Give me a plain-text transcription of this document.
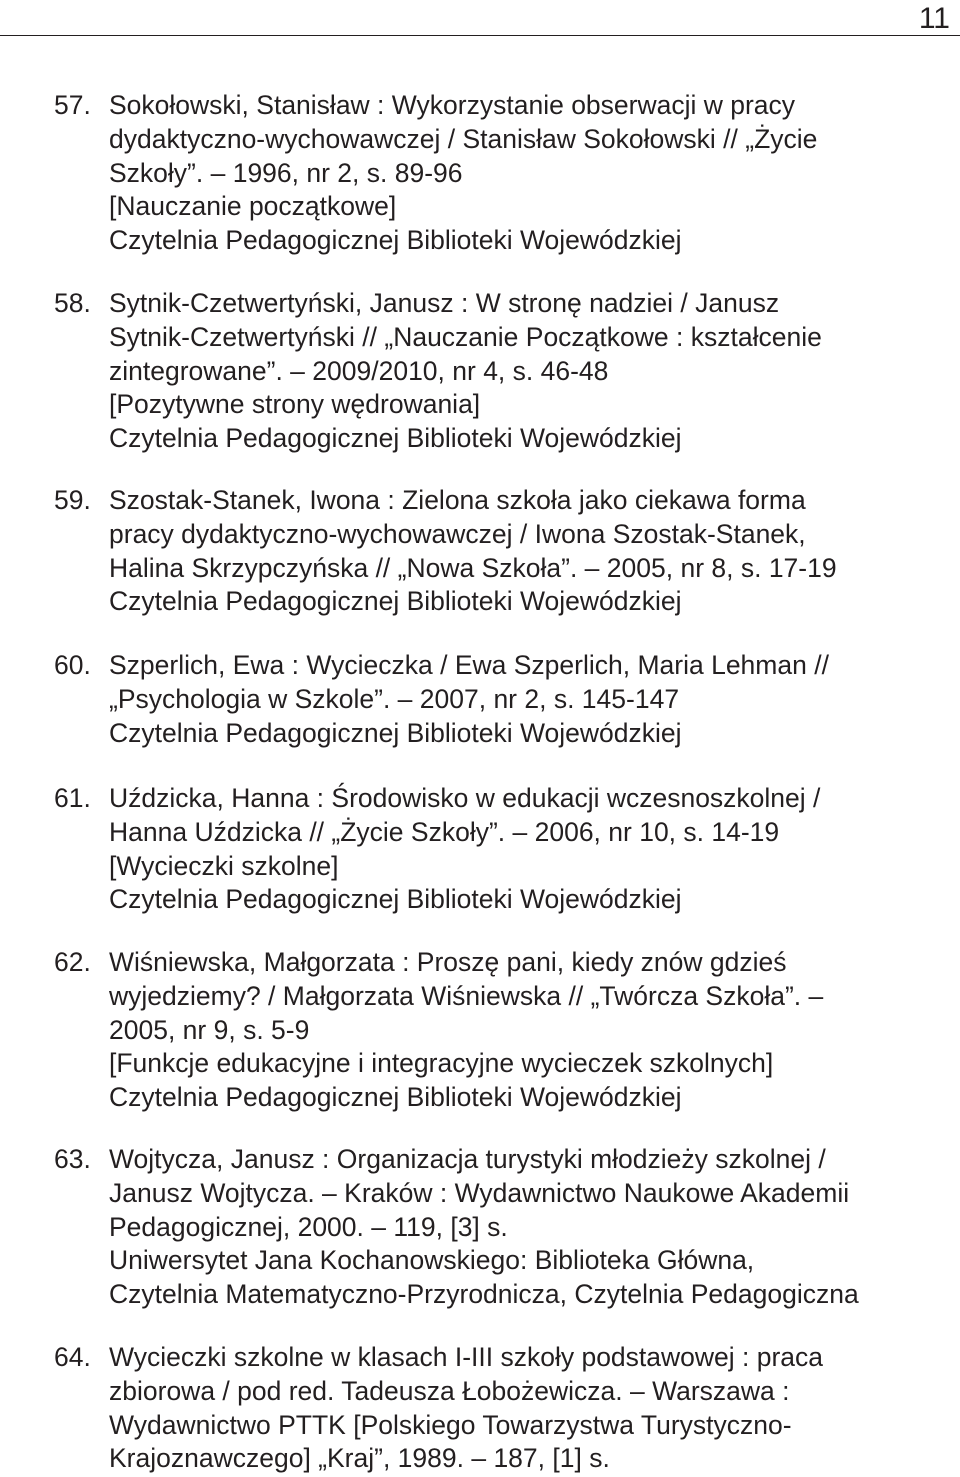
11
57. Sokołowski, Stanisław : Wykorzystanie obserwacji w pracy
dydaktyczno-wychowawczej / Stanisław Sokołowski // „Życie
Szkoły”. – 1996, nr 2, s. 89-96
[Nauczanie początkowe]
Czytelnia Pedagogicznej Biblioteki Wojewódzkiej
58. Sytnik-Czetwertyński, Janusz : W stronę nadziei / Janusz
Sytnik-Czetwertyński // „Nauczanie Początkowe : kształcenie
zintegrowane”. – 2009/2010, nr 4, s. 46-48
[Pozytywne strony wędrowania]
Czytelnia Pedagogicznej Biblioteki Wojewódzkiej
59. Szostak-Stanek, Iwona : Zielona szkoła jako ciekawa forma
pracy dydaktyczno-wychowawczej / Iwona Szostak-Stanek,
Halina Skrzypczyńska // „Nowa Szkoła”. – 2005, nr 8, s. 17-19
Czytelnia Pedagogicznej Biblioteki Wojewódzkiej
60. Szperlich, Ewa : Wycieczka / Ewa Szperlich, Maria Lehman //
„Psychologia w Szkole”. – 2007, nr 2, s. 145-147
Czytelnia Pedagogicznej Biblioteki Wojewódzkiej
61. Uździcka, Hanna : Środowisko w edukacji wczesnoszkolnej /
Hanna Uździcka // „Życie Szkoły”. – 2006, nr 10, s. 14-19
[Wycieczki szkolne]
Czytelnia Pedagogicznej Biblioteki Wojewódzkiej
62. Wiśniewska, Małgorzata : Proszę pani, kiedy znów gdzieś
wyjedziemy? / Małgorzata Wiśniewska // „Twórcza Szkoła”. –
2005, nr 9, s. 5-9
[Funkcje edukacyjne i integracyjne wycieczek szkolnych]
Czytelnia Pedagogicznej Biblioteki Wojewódzkiej
63. Wojtycza, Janusz : Organizacja turystyki młodzieży szkolnej /
Janusz Wojtycza. – Kraków : Wydawnictwo Naukowe Akademii
Pedagogicznej, 2000. – 119, [3] s.
Uniwersytet Jana Kochanowskiego: Biblioteka Główna,
Czytelnia Matematyczno-Przyrodnicza, Czytelnia Pedagogiczna
64. Wycieczki szkolne w klasach I-III szkoły podstawowej : praca
zbiorowa / pod red. Tadeusza Łobożewicza. – Warszawa :
Wydawnictwo PTTK [Polskiego Towarzystwa Turystyczno-
Krajoznawczego] „Kraj”, 1989. – 187, [1] s.
